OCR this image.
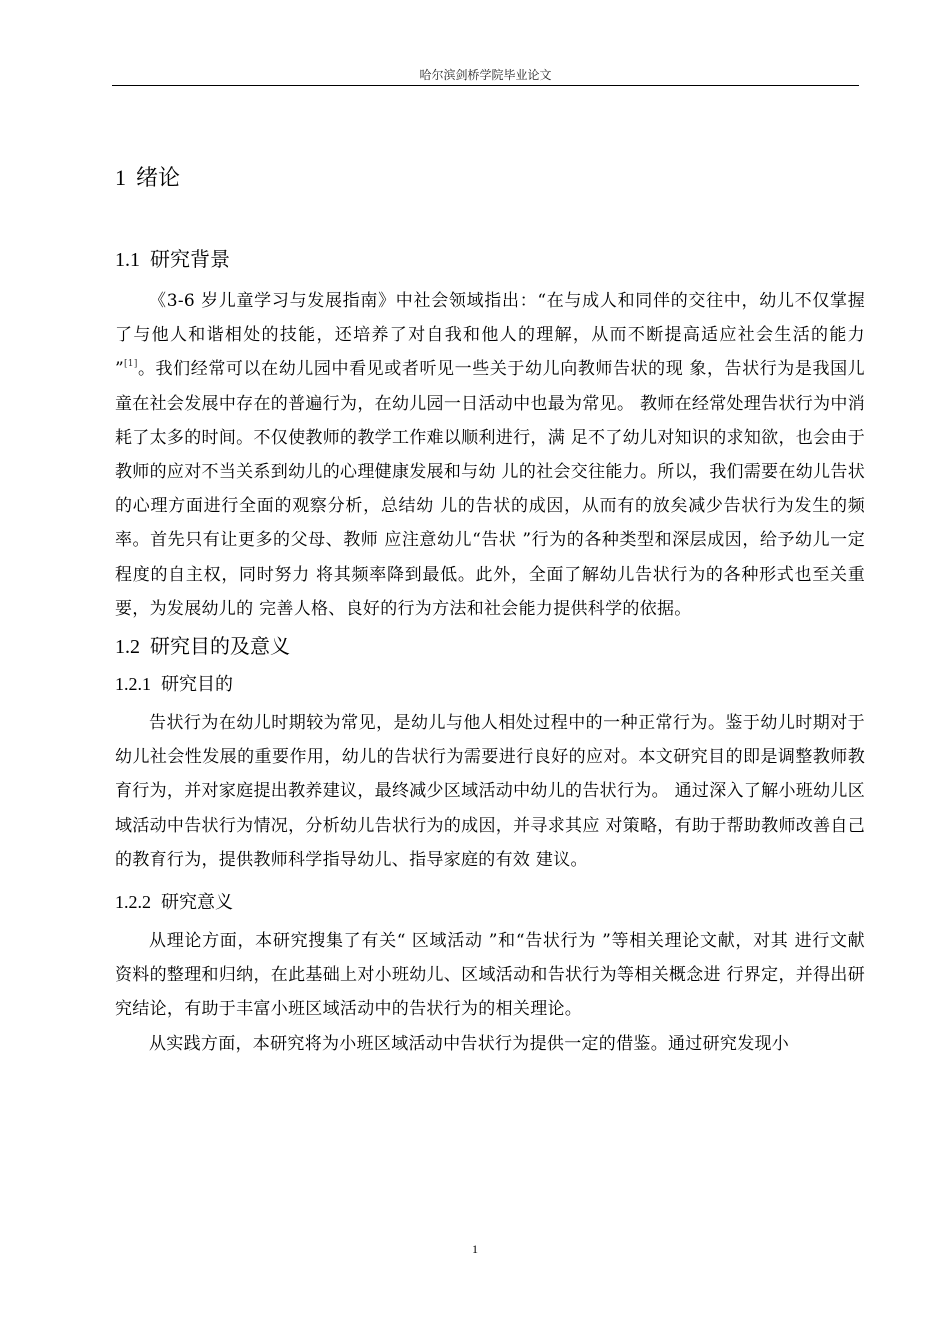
哈尔滨剑桥学院毕业论文
1 绪论
1.1 研究背景

《3-6 岁儿童学习与发展指南》中社会领域指出：“在与成人和同伴的交往中，幼儿不仅掌握了与他人和谐相处的技能，还培养了对自我和他人的理解，从而不断提高适应社会生活的能力 ”[1]。我们经常可以在幼儿园中看见或者听见一些关于幼儿向教师告状的现 象，告状行为是我国儿童在社会发展中存在的普遍行为，在幼儿园一日活动中也最为常见。 教师在经常处理告状行为中消耗了太多的时间。不仅使教师的教学工作难以顺利进行，满 足不了幼儿对知识的求知欲，也会由于教师的应对不当关系到幼儿的心理健康发展和与幼 儿的社会交往能力。所以，我们需要在幼儿告状的心理方面进行全面的观察分析，总结幼 儿的告状的成因，从而有的放矣减少告状行为发生的频率。首先只有让更多的父母、教师 应注意幼儿“告状 ”行为的各种类型和深层成因，给予幼儿一定程度的自主权，同时努力 将其频率降到最低。此外，全面了解幼儿告状行为的各种形式也至关重要，为发展幼儿的 完善人格、良好的行为方法和社会能力提供科学的依据。

1.2 研究目的及意义
1.2.1 研究目的

告状行为在幼儿时期较为常见，是幼儿与他人相处过程中的一种正常行为。鉴于幼儿时期对于幼儿社会性发展的重要作用，幼儿的告状行为需要进行良好的应对。本文研究目的即是调整教师教育行为，并对家庭提出教养建议，最终减少区域活动中幼儿的告状行为。 通过深入了解小班幼儿区域活动中告状行为情况，分析幼儿告状行为的成因，并寻求其应 对策略，有助于帮助教师改善自己的教育行为，提供教师科学指导幼儿、指导家庭的有效 建议。

1.2.2 研究意义

从理论方面，本研究搜集了有关“ 区域活动 ”和“告状行为 ”等相关理论文献，对其 进行文献资料的整理和归纳，在此基础上对小班幼儿、区域活动和告状行为等相关概念进 行界定，并得出研究结论，有助于丰富小班区域活动中的告状行为的相关理论。

从实践方面，本研究将为小班区域活动中告状行为提供一定的借鉴。通过研究发现小

1
